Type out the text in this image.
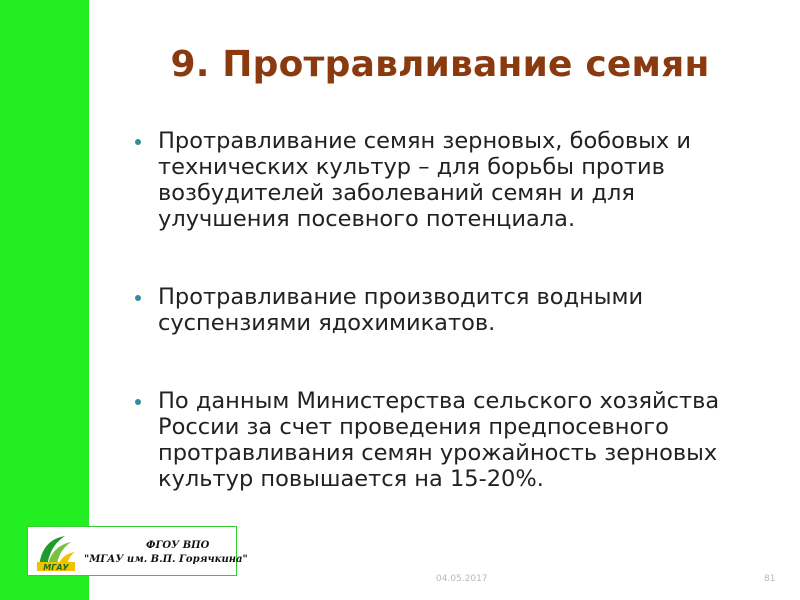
9. Протравливание семян
Протравливание семян зерновых, бобовых и технических культур – для борьбы против возбудителей заболеваний семян и для улучшения посевного потенциала.
Протравливание производится водными суспензиями ядохимикатов.
По данным Министерства сельского хозяйства России за счет проведения предпосевного протравливания семян урожайность зерновых культур повышается на 15-20%.
МГАУ
ФГОУ ВПО
"МГАУ им. В.П. Горячкина"
04.05.2017	81
